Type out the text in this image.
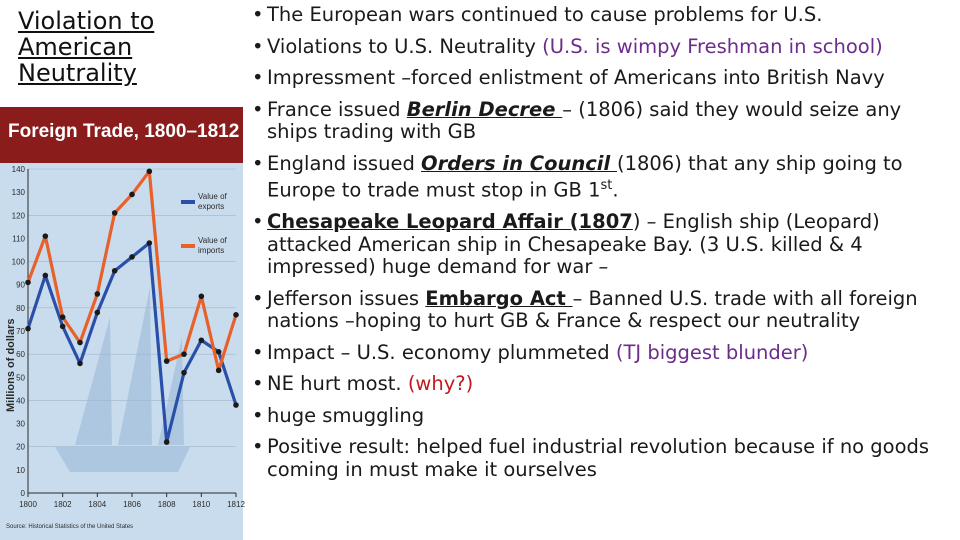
Violation to
American
Neutrality
Foreign Trade, 1800–1812
Millions of dollars
0
10
20
30
40
50
60
70
80
90
100
110
120
130
140
1800 1802 1804 1806 1808 1810 1812
Value of
exports
Value of
imports
Source: Historical Statistics of the United States
• The European wars continued to cause problems for U.S.
• Violations to U.S. Neutrality (U.S. is wimpy Freshman in school)
• Impressment –forced enlistment of Americans into British Navy
• France issued Berlin Decree – (1806) said they would seize any ships trading with GB
• England issued Orders in Council (1806) that any ship going to Europe to trade must stop in GB 1st.
• Chesapeake Leopard Affair (1807) – English ship (Leopard) attacked American ship in Chesapeake Bay. (3 U.S. killed & 4 impressed) huge demand for war –
• Jefferson issues Embargo Act – Banned U.S. trade with all foreign nations –hoping to hurt GB & France & respect our neutrality
• Impact – U.S. economy plummeted (TJ biggest blunder)
• NE hurt most. (why?)
• huge smuggling
• Positive result: helped fuel industrial revolution because if no goods coming in must make it ourselves
